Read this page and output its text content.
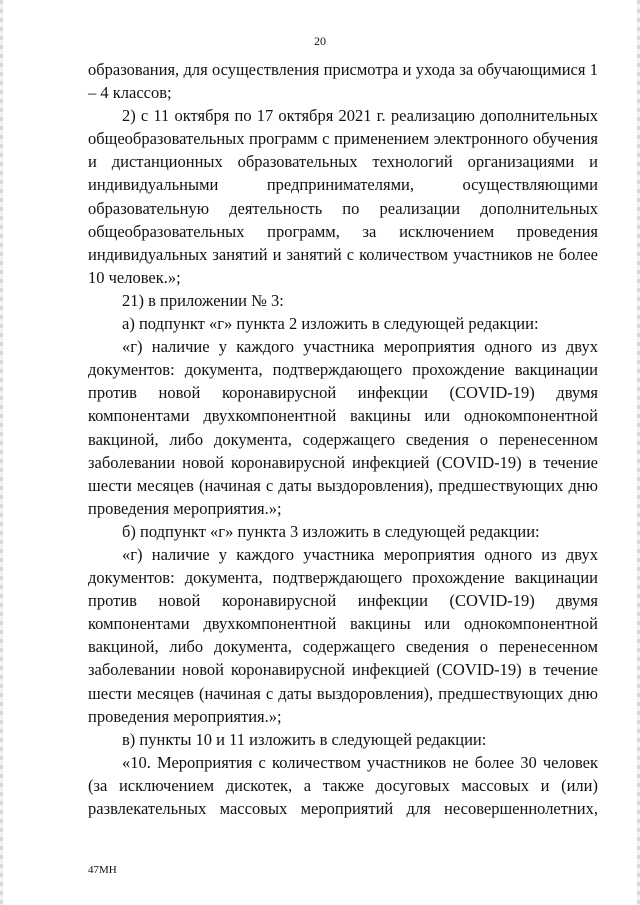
20

образования, для осуществления присмотра и ухода за обучающимися 1 – 4 классов;

2) с 11 октября по 17 октября 2021 г. реализацию дополнительных общеобразовательных программ с применением электронного обучения и дистанционных образовательных технологий организациями и индивидуальными предпринимателями, осуществляющими образовательную деятельность по реализации дополнительных общеобразовательных программ, за исключением проведения индивидуальных занятий и занятий с количеством участников не более 10 человек.»;

21) в приложении № 3:

а) подпункт «г» пункта 2 изложить в следующей редакции:

«г) наличие у каждого участника мероприятия одного из двух документов: документа, подтверждающего прохождение вакцинации против новой коронавирусной инфекции (COVID-19) двумя компонентами двухкомпонентной вакцины или однокомпонентной вакциной, либо документа, содержащего сведения о перенесенном заболевании новой коронавирусной инфекцией (COVID-19) в течение шести месяцев (начиная с даты выздоровления), предшествующих дню проведения мероприятия.»;

б) подпункт «г» пункта 3 изложить в следующей редакции:

«г) наличие у каждого участника мероприятия одного из двух документов: документа, подтверждающего прохождение вакцинации против новой коронавирусной инфекции (COVID-19) двумя компонентами двухкомпонентной вакцины или однокомпонентной вакциной, либо документа, содержащего сведения о перенесенном заболевании новой коронавирусной инфекцией (COVID-19) в течение шести месяцев (начиная с даты выздоровления), предшествующих дню проведения мероприятия.»;

в) пункты 10 и 11 изложить в следующей редакции:

«10. Мероприятия с количеством участников не более 30 человек (за исключением дискотек, а также досуговых массовых и (или) развлекательных массовых мероприятий для несовершеннолетних,

47МН
